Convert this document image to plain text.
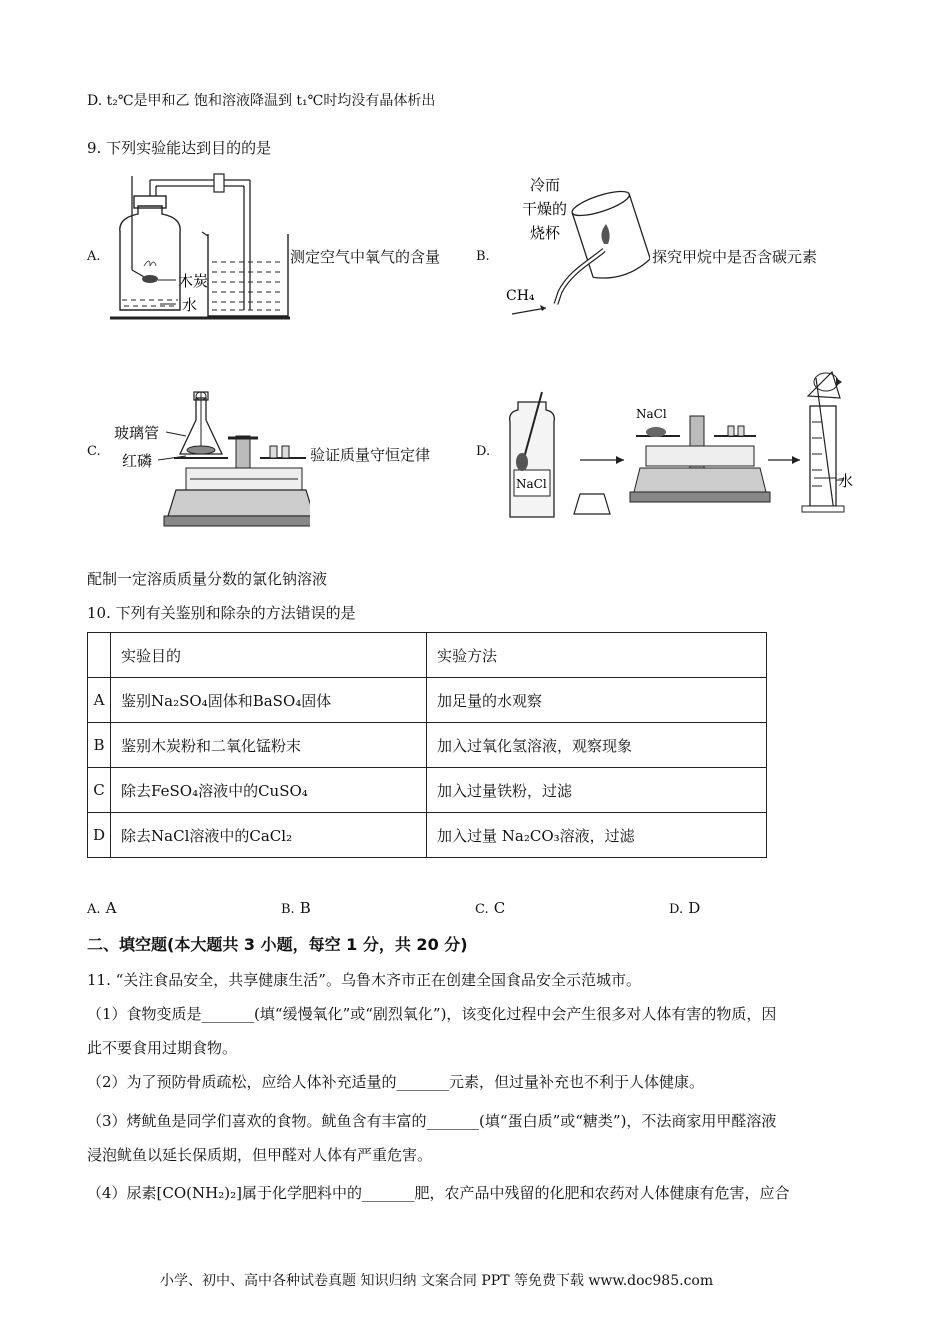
D. t₂℃是甲和乙 饱和溶液降温到 t₁℃时均没有晶体析出
9. 下列实验能达到目的的是
A.
木炭
水
测定空气中氧气的含量	B.
冷而
干燥的
烧杯
CH₄
探究甲烷中是否含碳元素
C.
玻璃管
红磷	验证质量守恒定律	D.
NaCl
NaCl
水
配制一定溶质质量分数的氯化钠溶液
10. 下列有关鉴别和除杂的方法错误的是
	实验目的	实验方法
A	鉴别Na₂SO₄固体和BaSO₄固体	加足量的水观察
B	鉴别木炭粉和二氧化锰粉末	加入过氧化氢溶液，观察现象
C	除去FeSO₄溶液中的CuSO₄	加入过量铁粉，过滤
D	除去NaCl溶液中的CaCl₂	加入过量 Na₂CO₃溶液，过滤
A. A	B. B	C. C	D. D
二、填空题(本大题共 3 小题，每空 1 分，共 20 分)
11. “关注食品安全，共享健康生活”。乌鲁木齐市正在创建全国食品安全示范城市。
（1）食物变质是_______(填“缓慢氧化”或“剧烈氧化”)，该变化过程中会产生很多对人体有害的物质，因
此不要食用过期食物。
（2）为了预防骨质疏松，应给人体补充适量的_______元素，但过量补充也不利于人体健康。
（3）烤鱿鱼是同学们喜欢的食物。鱿鱼含有丰富的_______(填“蛋白质”或“糖类”)，不法商家用甲醛溶液
浸泡鱿鱼以延长保质期，但甲醛对人体有严重危害。
（4）尿素[CO(NH₂)₂]属于化学肥料中的_______肥，农产品中残留的化肥和农药对人体健康有危害，应合
小学、初中、高中各种试卷真题 知识归纳 文案合同 PPT 等免费下载 www.doc985.com
